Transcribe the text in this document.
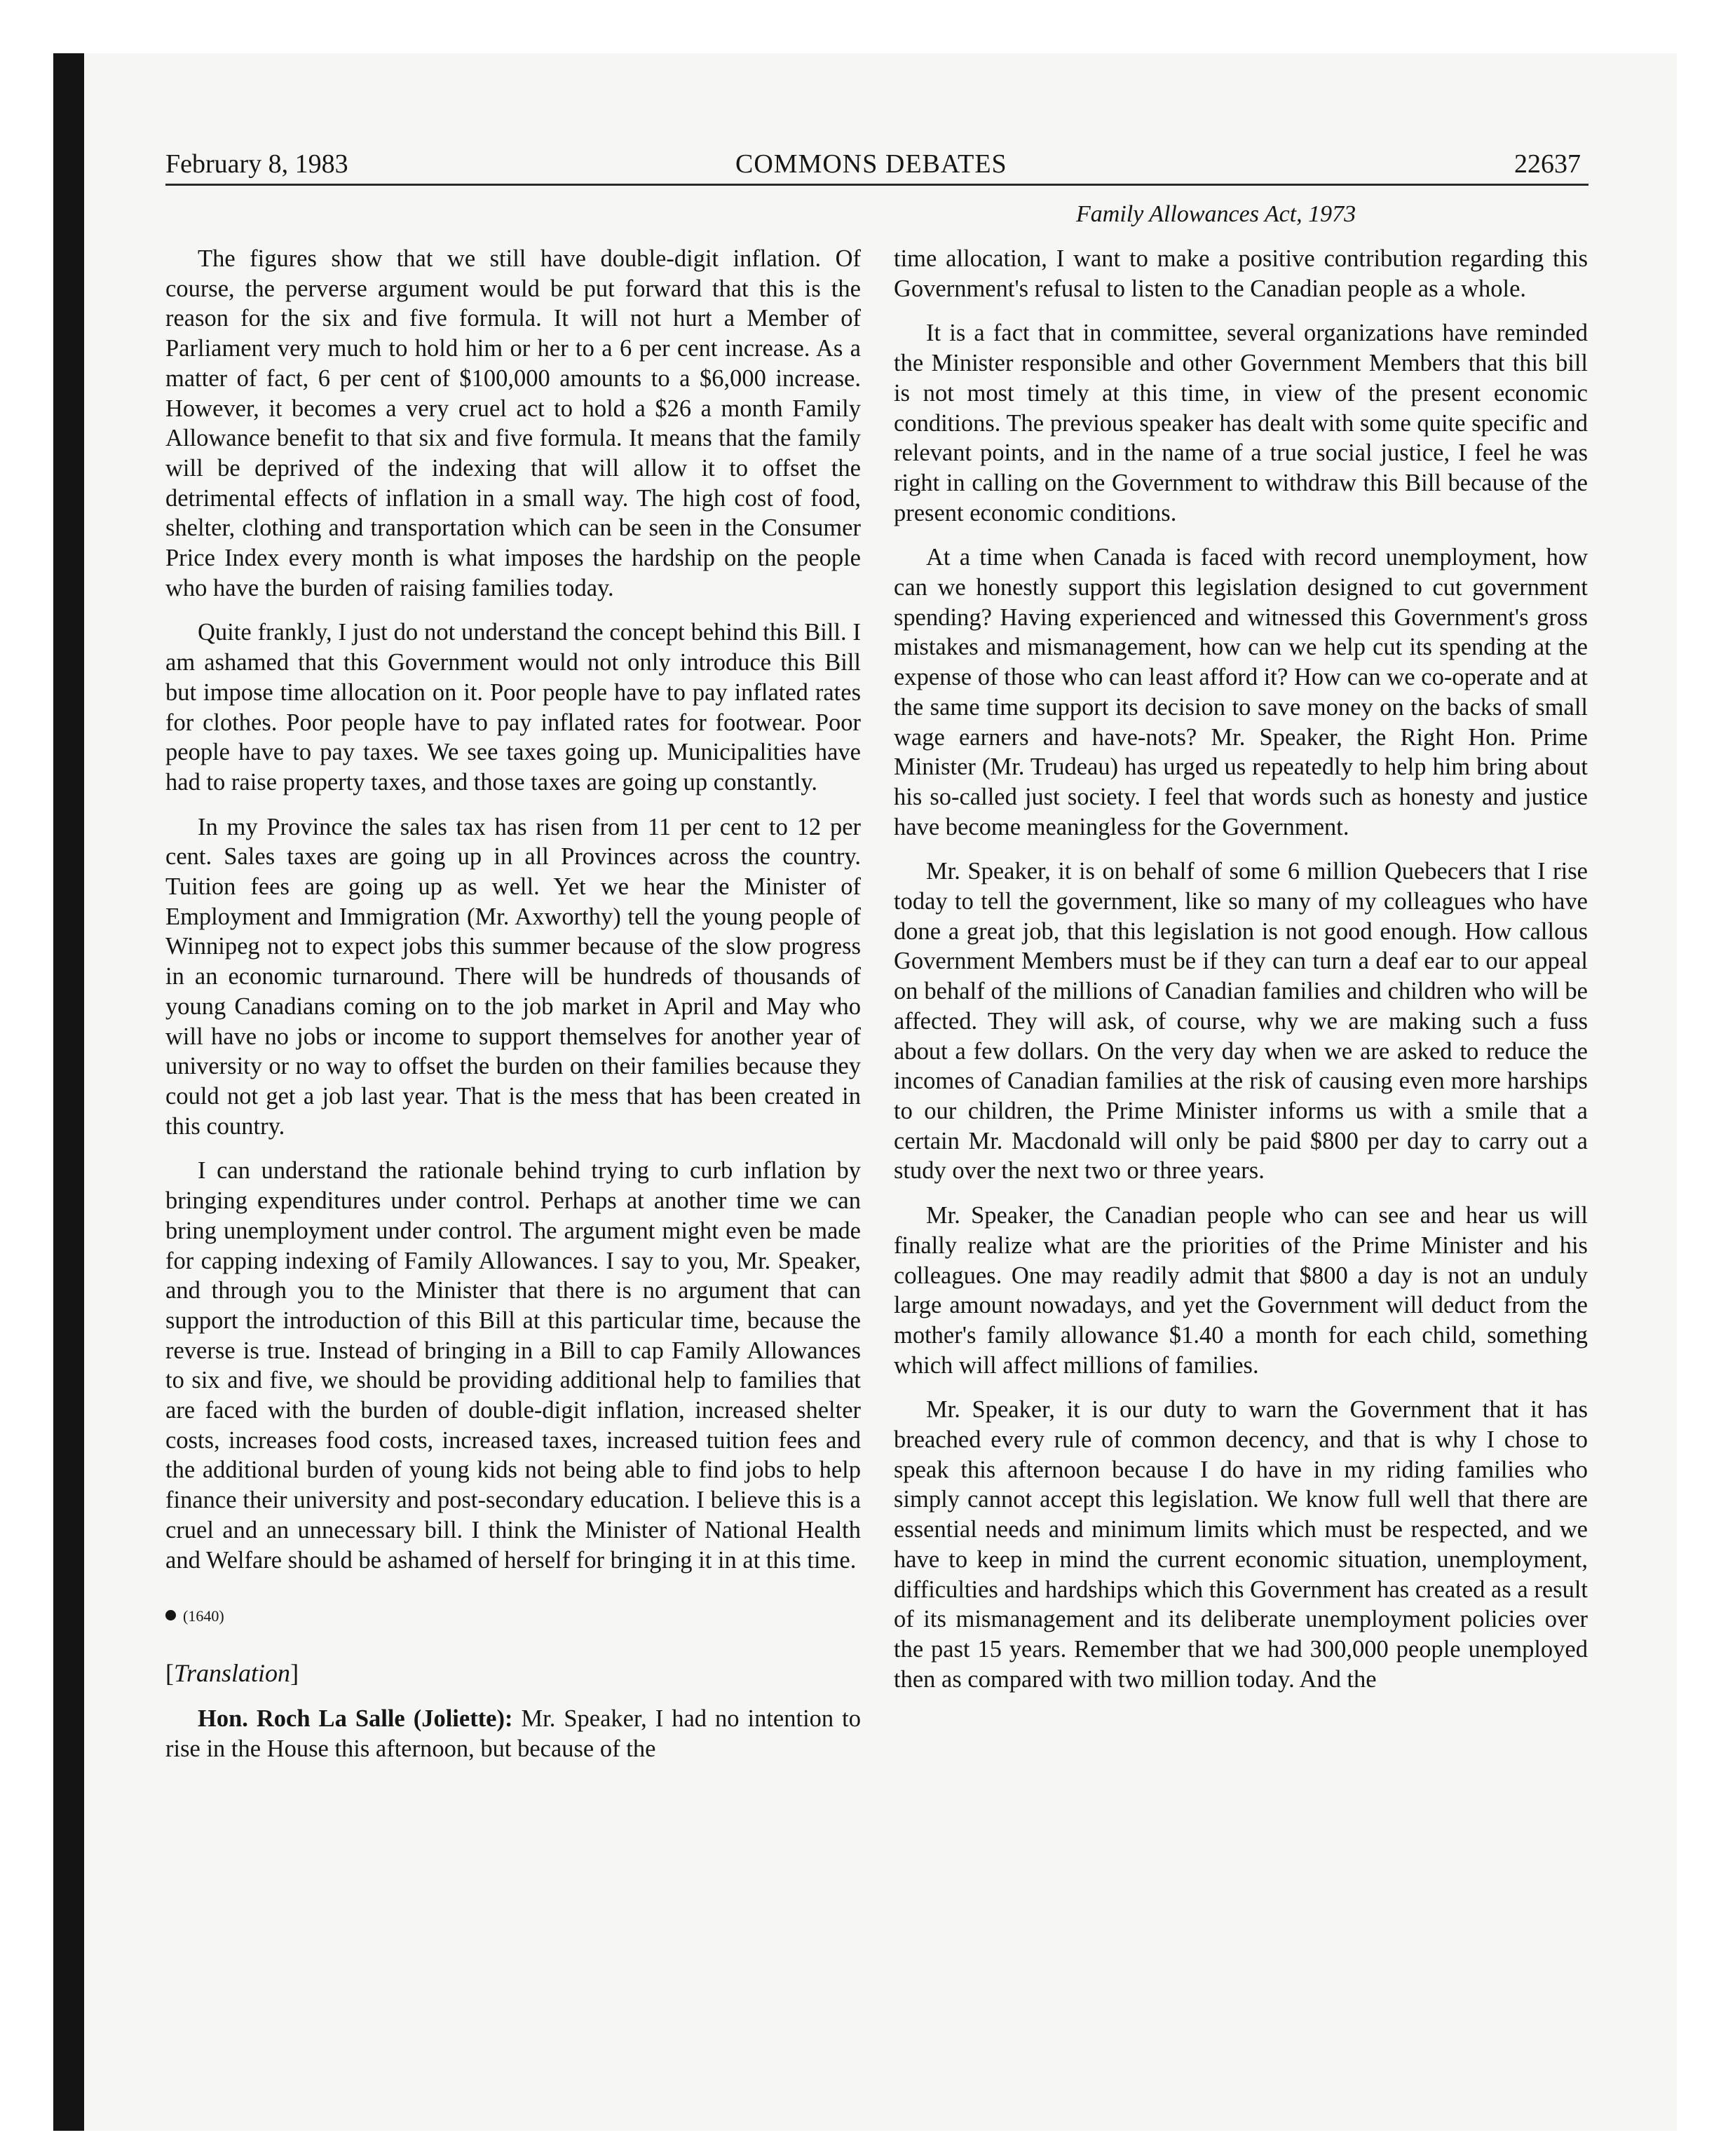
February 8, 1983	COMMONS DEBATES	22637
Family Allowances Act, 1973

The figures show that we still have double-digit inflation. Of course, the perverse argument would be put forward that this is the reason for the six and five formula. It will not hurt a Member of Parliament very much to hold him or her to a 6 per cent increase. As a matter of fact, 6 per cent of $100,000 amounts to a $6,000 increase. However, it becomes a very cruel act to hold a $26 a month Family Allowance benefit to that six and five formula. It means that the family will be deprived of the indexing that will allow it to offset the detrimental effects of inflation in a small way. The high cost of food, shelter, clothing and transportation which can be seen in the Consumer Price Index every month is what imposes the hardship on the people who have the burden of raising families today.

Quite frankly, I just do not understand the concept behind this Bill. I am ashamed that this Government would not only introduce this Bill but impose time allocation on it. Poor people have to pay inflated rates for clothes. Poor people have to pay inflated rates for footwear. Poor people have to pay taxes. We see taxes going up. Municipalities have had to raise property taxes, and those taxes are going up constantly.

In my Province the sales tax has risen from 11 per cent to 12 per cent. Sales taxes are going up in all Provinces across the country. Tuition fees are going up as well. Yet we hear the Minister of Employment and Immigration (Mr. Axworthy) tell the young people of Winnipeg not to expect jobs this summer because of the slow progress in an economic turnaround. There will be hundreds of thousands of young Canadians coming on to the job market in April and May who will have no jobs or income to support themselves for another year of university or no way to offset the burden on their families because they could not get a job last year. That is the mess that has been created in this country.

I can understand the rationale behind trying to curb inflation by bringing expenditures under control. Perhaps at another time we can bring unemployment under control. The argument might even be made for capping indexing of Family Allowances. I say to you, Mr. Speaker, and through you to the Minister that there is no argument that can support the introduction of this Bill at this particular time, because the reverse is true. Instead of bringing in a Bill to cap Family Allowances to six and five, we should be providing additional help to families that are faced with the burden of double-digit inflation, increased shelter costs, increases food costs, increased taxes, increased tuition fees and the additional burden of young kids not being able to find jobs to help finance their university and post-secondary education. I believe this is a cruel and an unnecessary bill. I think the Minister of National Health and Welfare should be ashamed of herself for bringing it in at this time.

(1640)
[Translation]

Hon. Roch La Salle (Joliette): Mr. Speaker, I had no intention to rise in the House this afternoon, but because of the

time allocation, I want to make a positive contribution regarding this Government's refusal to listen to the Canadian people as a whole.

It is a fact that in committee, several organizations have reminded the Minister responsible and other Government Members that this bill is not most timely at this time, in view of the present economic conditions. The previous speaker has dealt with some quite specific and relevant points, and in the name of a true social justice, I feel he was right in calling on the Government to withdraw this Bill because of the present economic conditions.

At a time when Canada is faced with record unemployment, how can we honestly support this legislation designed to cut government spending? Having experienced and witnessed this Government's gross mistakes and mismanagement, how can we help cut its spending at the expense of those who can least afford it? How can we co-operate and at the same time support its decision to save money on the backs of small wage earners and have-nots? Mr. Speaker, the Right Hon. Prime Minister (Mr. Trudeau) has urged us repeatedly to help him bring about his so-called just society. I feel that words such as honesty and justice have become meaningless for the Government.

Mr. Speaker, it is on behalf of some 6 million Quebecers that I rise today to tell the government, like so many of my colleagues who have done a great job, that this legislation is not good enough. How callous Government Members must be if they can turn a deaf ear to our appeal on behalf of the millions of Canadian families and children who will be affected. They will ask, of course, why we are making such a fuss about a few dollars. On the very day when we are asked to reduce the incomes of Canadian families at the risk of causing even more harships to our children, the Prime Minister informs us with a smile that a certain Mr. Macdonald will only be paid $800 per day to carry out a study over the next two or three years.

Mr. Speaker, the Canadian people who can see and hear us will finally realize what are the priorities of the Prime Minister and his colleagues. One may readily admit that $800 a day is not an unduly large amount nowadays, and yet the Government will deduct from the mother's family allowance $1.40 a month for each child, something which will affect millions of families.

Mr. Speaker, it is our duty to warn the Government that it has breached every rule of common decency, and that is why I chose to speak this afternoon because I do have in my riding families who simply cannot accept this legislation. We know full well that there are essential needs and minimum limits which must be respected, and we have to keep in mind the current economic situation, unemployment, difficulties and hardships which this Government has created as a result of its mismanagement and its deliberate unemployment policies over the past 15 years. Remember that we had 300,000 people unemployed then as compared with two million today. And the
